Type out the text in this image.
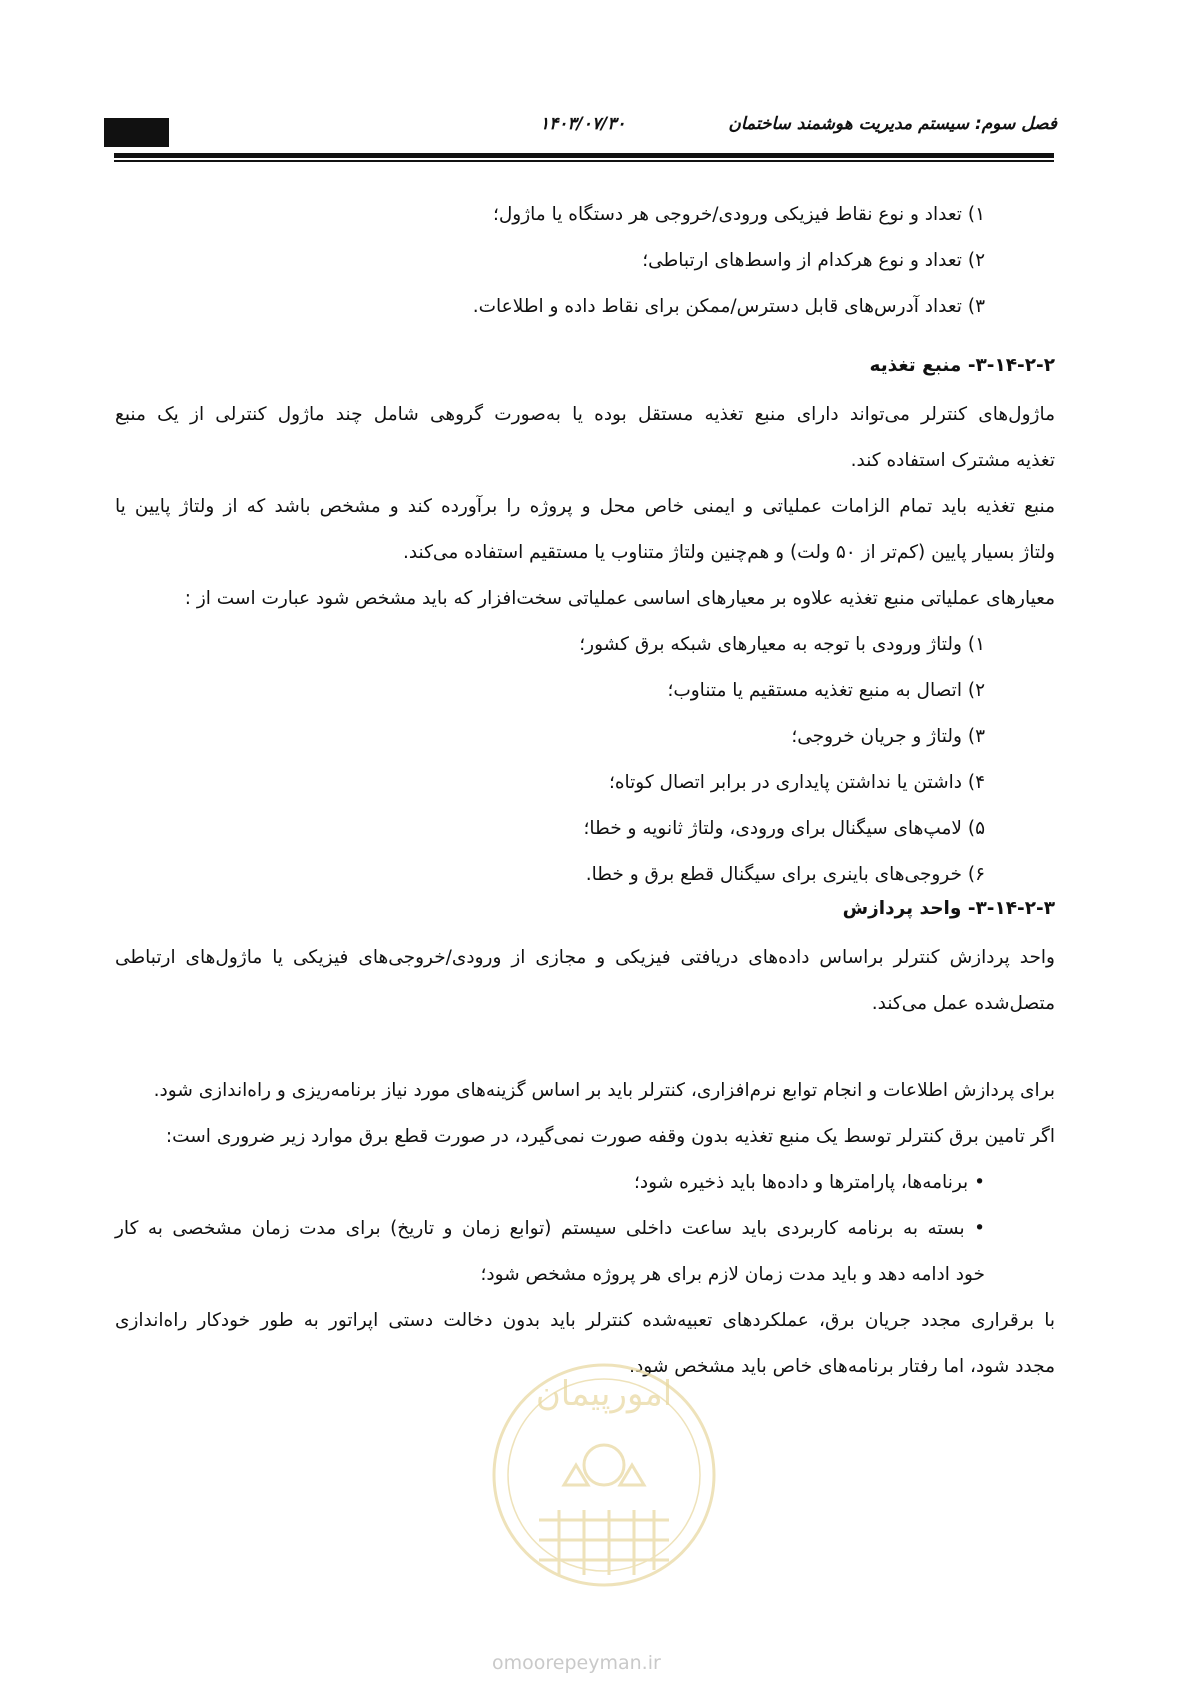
فصل سوم: سیستم مدیریت هوشمند ساختمان
۱۴۰۳/۰۷/۳۰
۱) تعداد و نوع نقاط فیزیکی ورودی/خروجی هر دستگاه یا ماژول؛
۲) تعداد و نوع هرکدام از واسط‌های ارتباطی؛
۳) تعداد آدرس‌های قابل دسترس/ممکن برای نقاط داده و اطلاعات.
۳-۱۴-۲-۲- منبع تغذیه
ماژول‌های کنترلر می‌تواند دارای منبع تغذیه مستقل بوده یا به‌صورت گروهی شامل چند ماژول کنترلی از یک منبع
تغذیه مشترک استفاده کند.
منبع تغذیه باید تمام الزامات عملیاتی و ایمنی خاص محل و پروژه را برآورده کند و مشخص باشد که از ولتاژ پایین یا
ولتاژ بسیار پایین (کم‌تر از ۵۰ ولت) و هم‌چنین ولتاژ متناوب یا مستقیم استفاده می‌کند.
معیارهای عملیاتی منبع تغذیه علاوه بر معیارهای اساسی عملیاتی سخت‌افزار که باید مشخص شود عبارت است از :
۱) ولتاژ ورودی با توجه به معیارهای شبکه برق کشور؛
۲) اتصال به منبع تغذیه مستقیم یا متناوب؛
۳) ولتاژ و جریان خروجی؛
۴) داشتن یا نداشتن پایداری در برابر اتصال کوتاه؛
۵) لامپ‌های سیگنال برای ورودی، ولتاژ ثانویه و خطا؛
۶) خروجی‌های باینری برای سیگنال قطع برق و خطا.
۳-۱۴-۲-۳- واحد پردازش
واحد پردازش کنترلر براساس داده‌های دریافتی فیزیکی و مجازی از ورودی/خروجی‌های فیزیکی یا ماژول‌های ارتباطی
متصل‌شده عمل می‌کند.
برای پردازش اطلاعات و انجام توابع نرم‌افزاری، کنترلر باید بر اساس گزینه‌های مورد نیاز برنامه‌ریزی و راه‌اندازی شود.
اگر تامین برق کنترلر توسط یک منبع تغذیه بدون وقفه صورت نمی‌گیرد، در صورت قطع برق موارد زیر ضروری است:
• برنامه‌ها، پارامترها و داده‌ها باید ذخیره شود؛
• بسته به برنامه کاربردی باید ساعت داخلی سیستم (توابع زمان و تاریخ) برای مدت زمان مشخصی به کار
خود ادامه دهد و باید مدت زمان لازم برای هر پروژه مشخص شود؛
با برقراری مجدد جریان برق، عملکردهای تعبیه‌شده کنترلر باید بدون دخالت دستی اپراتور به طور خودکار راه‌اندازی
مجدد شود، اما رفتار برنامه‌های خاص باید مشخص شود.
امورپیمان
omoorepeyman.ir
